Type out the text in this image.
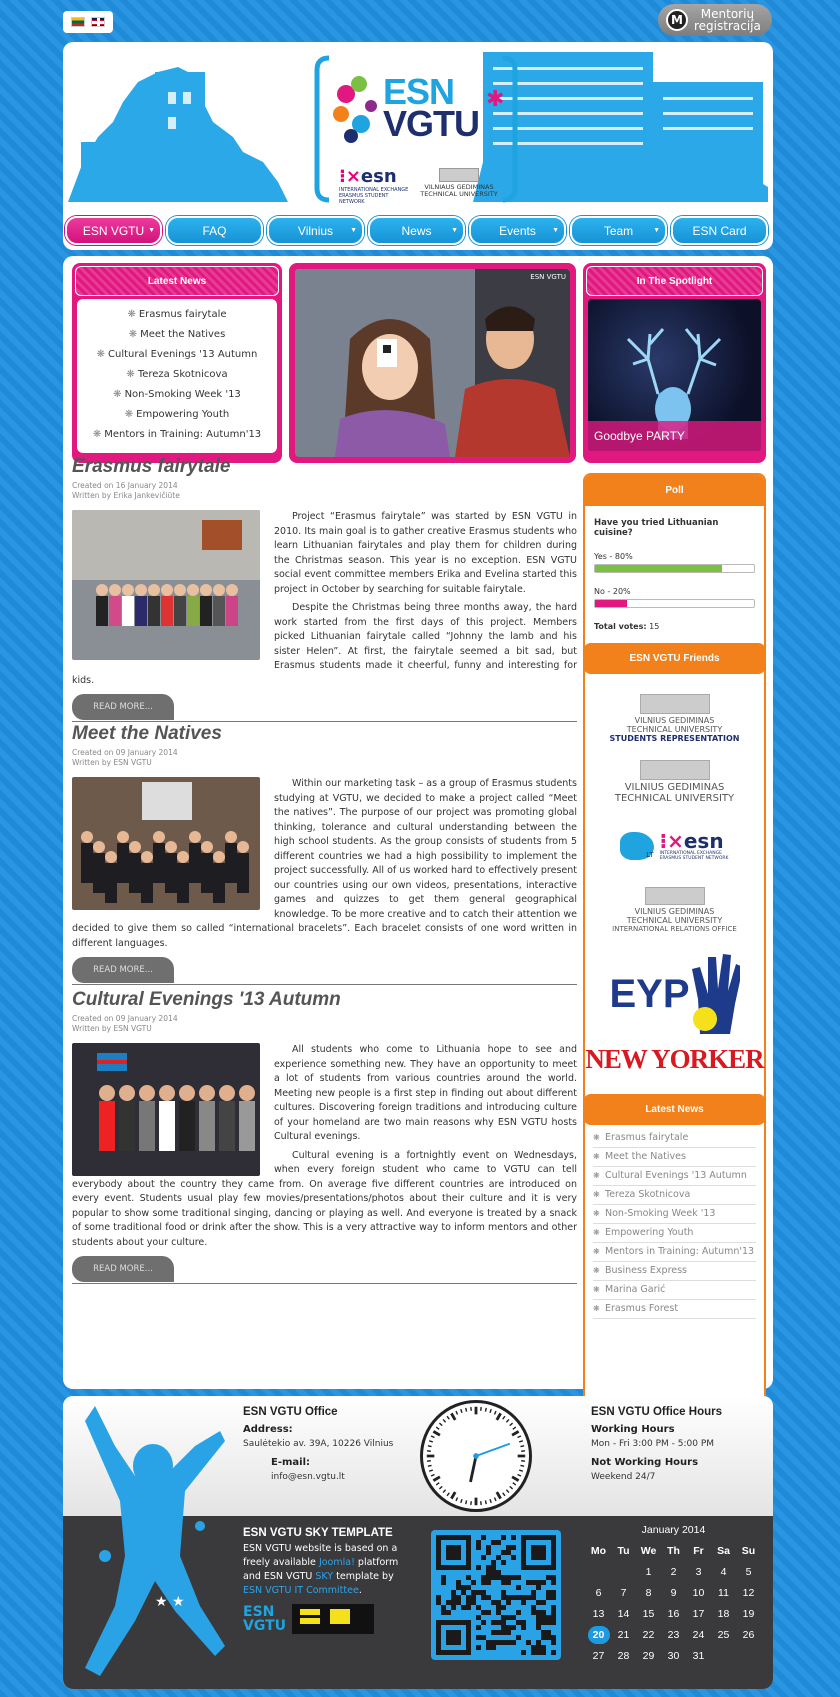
M	Mentorių
registracija
✱
ESN
VGTU
⁝×esn
INTERNATIONAL EXCHANGE ERASMUS STUDENT NETWORK
VILNIAUS GEDIMINAS
TECHNICAL UNIVERSITY
ESN VGTU ▼	FAQ	Vilnius ▼	News	▼	Events ▼	Team	▼	ESN Card
Latest News
❋ Erasmus fairytale
❋ Meet the Natives
❋ Cultural Evenings '13 Autumn
❋ Tereza Skotnicova
❋ Non-Smoking Week '13
❋ Empowering Youth
❋ Mentors in Training: Autumn'13
ESN VGTU	In The Spotlight
Goodbye PARTY
Erasmus fairytale
Created on 16 January 2014
Written by Erika Jankevičiūte

Project “Erasmus fairytale” was started by ESN VGTU in 2010. Its main goal is to gather creative Erasmus students who learn Lithuanian fairytales and play them for children during the Christmas season. This year is no exception. ESN VGTU social event committee members Erika and Evelina started this project in October by searching for suitable fairytale.

Despite the Christmas being three months away, the hard work started from the first days of this project. Members picked Lithuanian fairytale called “Johnny the lamb and his sister Helen”. At first, the fairytale seemed a bit sad, but Erasmus students made it cheerful, funny and interesting for kids.

READ MORE...
Meet the Natives
Created on 09 January 2014
Written by ESN VGTU

Within our marketing task – as a group of Erasmus students studying at VGTU, we decided to make a project called “Meet the natives”. The purpose of our project was promoting global thinking, tolerance and cultural understanding between the high school students. As the group consists of students from 5 different countries we had a high possibility to implement the project successfully. All of us worked hard to effectively present our countries using our own videos, presentations, interactive games and quizzes to get them general geographical knowledge. To be more creative and to catch their attention we decided to give them so called “international bracelets”. Each bracelet consists of one word written in different languages.

READ MORE...
Cultural Evenings '13 Autumn
Created on 09 January 2014
Written by ESN VGTU

All students who come to Lithuania hope to see and experience something new. They have an opportunity to meet a lot of students from various countries around the world. Meeting new people is a first step in finding out about different cultures. Discovering foreign traditions and introducing culture of your homeland are two main reasons why ESN VGTU hosts Cultural evenings.

Cultural evening is a fortnightly event on Wednesdays, when every foreign student who came to VGTU can tell everybody about the country they came from. On average five different countries are introduced on every event. Students usual play few movies/presentations/photos about their culture and it is very popular to show some traditional singing, dancing or playing as well. And everyone is treated by a snack of some traditional food or drink after the show. This is a very attractive way to inform mentors and other students about your culture.

READ MORE...
Poll
Have you tried Lithuanian cuisine?
Yes - 80%
No - 20%
Total votes: 15
ESN VGTU Friends
VILNIUS GEDIMINAS
TECHNICAL UNIVERSITY
STUDENTS REPRESENTATION
VILNIUS GEDIMINAS
TECHNICAL UNIVERSITY
LT
⁝×esn
INTERNATIONAL EXCHANGE ERASMUS STUDENT NETWORK
VILNIUS GEDIMINAS
TECHNICAL UNIVERSITY
INTERNATIONAL RELATIONS OFFICE
EYP
NEW YORKER
Latest News
❋ Erasmus fairytale
❋ Meet the Natives
❋ Cultural Evenings '13 Autumn
❋ Tereza Skotnicova
❋ Non-Smoking Week '13
❋ Empowering Youth
❋ Mentors in Training: Autumn'13
❋ Business Express
❋ Marina Garić
❋ Erasmus Forest
★ ★
ESN VGTU Office
Address:
Saulėtekio av. 39A, 10226 Vilnius
E-mail:
info@esn.vgtu.lt
ESN VGTU Office Hours
Working Hours
Mon - Fri 3:00 PM - 5:00 PM
Not Working Hours
Weekend 24/7
ESN VGTU SKY TEMPLATE
ESN VGTU website is based on a freely available Joomla! platform and ESN VGTU SKY template by ESN VGTU IT Committee.
ESN
VGTU
January 2014
Mo	Tu	We	Th	Fr	Sa	Su
		1	2	3	4	5
6	7	8	9	10	11	12
13	14	15	16	17	18	19
20	21	22	23	24	25	26
27	28	29	30	31		
